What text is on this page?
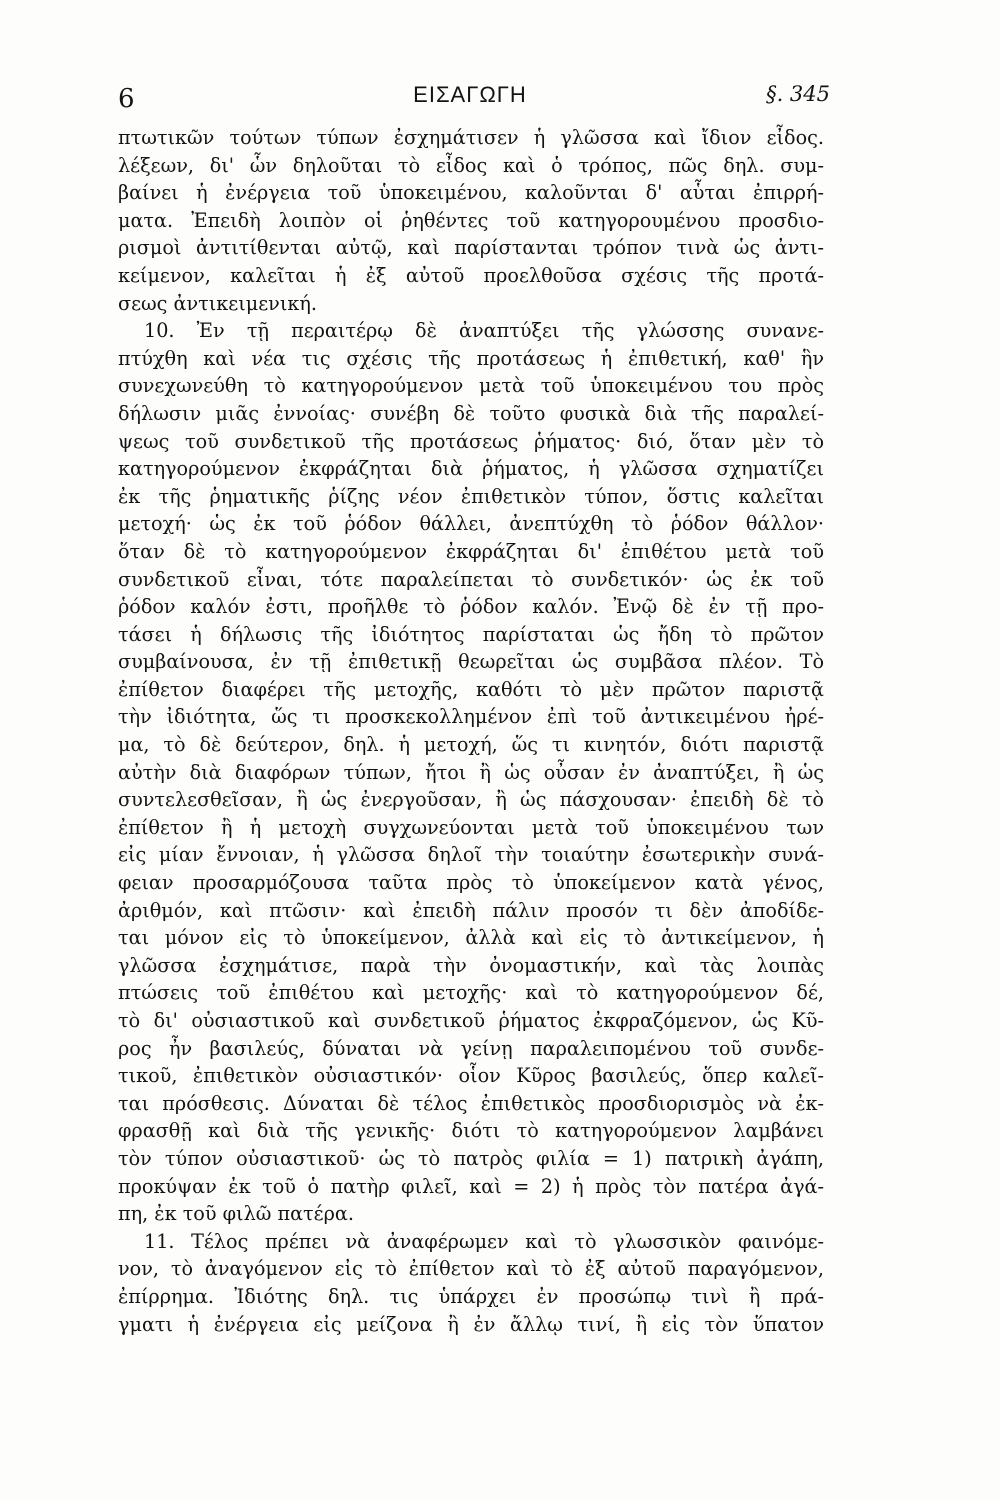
6	ΕΙΣΑΓΩΓΗ	§. 345
πτωτικῶν τούτων τύπων ἐσχημάτισεν ἡ γλῶσσα καὶ ἴδιον εἶδος.
λέξεων, δι' ὧν δηλοῦται τὸ εἶδος καὶ ὁ τρόπος, πῶς δηλ. συμ-
βαίνει ἡ ἐνέργεια τοῦ ὑποκειμένου, καλοῦνται δ' αὗται ἐπιρρή-
ματα. Ἐπειδὴ λοιπὸν οἱ ῥηθέντες τοῦ κατηγορουμένου προσδιο-
ρισμοὶ ἀντιτίθενται αὐτῷ, καὶ παρίστανται τρόπον τινὰ ὡς ἀντι-
κείμενον, καλεῖται ἡ ἐξ αὐτοῦ προελθοῦσα σχέσις τῆς προτά-
σεως ἀντικειμενική.
10. Ἐν τῇ περαιτέρῳ δὲ ἀναπτύξει τῆς γλώσσης συνανε-
πτύχθη καὶ νέα τις σχέσις τῆς προτάσεως ἡ ἐπιθετική, καθ' ἣν
συνεχωνεύθη τὸ κατηγορούμενον μετὰ τοῦ ὑποκειμένου του πρὸς
δήλωσιν μιᾶς ἐννοίας· συνέβη δὲ τοῦτο φυσικὰ διὰ τῆς παραλεί-
ψεως τοῦ συνδετικοῦ τῆς προτάσεως ῥήματος· διό, ὅταν μὲν τὸ
κατηγορούμενον ἐκφράζηται διὰ ῥήματος, ἡ γλῶσσα σχηματίζει
ἐκ τῆς ῥηματικῆς ῥίζης νέον ἐπιθετικὸν τύπον, ὅστις καλεῖται
μετοχή· ὡς ἐκ τοῦ ῥόδον θάλλει, ἀνεπτύχθη τὸ ῥόδον θάλλον·
ὅταν δὲ τὸ κατηγορούμενον ἐκφράζηται δι' ἐπιθέτου μετὰ τοῦ
συνδετικοῦ εἶναι, τότε παραλείπεται τὸ συνδετικόν· ὡς ἐκ τοῦ
ῥόδον καλόν ἐστι, προῆλθε τὸ ῥόδον καλόν. Ἐνῷ δὲ ἐν τῇ προ-
τάσει ἡ δήλωσις τῆς ἰδιότητος παρίσταται ὡς ἤδη τὸ πρῶτον
συμβαίνουσα, ἐν τῇ ἐπιθετικῇ θεωρεῖται ὡς συμβᾶσα πλέον. Τὸ
ἐπίθετον διαφέρει τῆς μετοχῆς, καθότι τὸ μὲν πρῶτον παριστᾷ
τὴν ἰδιότητα, ὥς τι προσκεκολλημένον ἐπὶ τοῦ ἀντικειμένου ἠρέ-
μα, τὸ δὲ δεύτερον, δηλ. ἡ μετοχή, ὥς τι κινητόν, διότι παριστᾷ
αὐτὴν διὰ διαφόρων τύπων, ἤτοι ἢ ὡς οὖσαν ἐν ἀναπτύξει, ἢ ὡς
συντελεσθεῖσαν, ἢ ὡς ἐνεργοῦσαν, ἢ ὡς πάσχουσαν· ἐπειδὴ δὲ τὸ
ἐπίθετον ἢ ἡ μετοχὴ συγχωνεύονται μετὰ τοῦ ὑποκειμένου των
εἰς μίαν ἔννοιαν, ἡ γλῶσσα δηλοῖ τὴν τοιαύτην ἐσωτερικὴν συνά-
φειαν προσαρμόζουσα ταῦτα πρὸς τὸ ὑποκείμενον κατὰ γένος,
ἀριθμόν, καὶ πτῶσιν· καὶ ἐπειδὴ πάλιν προσόν τι δὲν ἀποδίδε-
ται μόνον εἰς τὸ ὑποκείμενον, ἀλλὰ καὶ εἰς τὸ ἀντικείμενον, ἡ
γλῶσσα ἐσχημάτισε, παρὰ τὴν ὀνομαστικήν, καὶ τὰς λοιπὰς
πτώσεις τοῦ ἐπιθέτου καὶ μετοχῆς· καὶ τὸ κατηγορούμενον δέ,
τὸ δι' οὐσιαστικοῦ καὶ συνδετικοῦ ῥήματος ἐκφραζόμενον, ὡς Κῦ-
ρος ἦν βασιλεύς, δύναται νὰ γείνῃ παραλειπομένου τοῦ συνδε-
τικοῦ, ἐπιθετικὸν οὐσιαστικόν· οἷον Κῦρος βασιλεύς, ὅπερ καλεῖ-
ται πρόσθεσις. Δύναται δὲ τέλος ἐπιθετικὸς προσδιορισμὸς νὰ ἐκ-
φρασθῇ καὶ διὰ τῆς γενικῆς· διότι τὸ κατηγορούμενον λαμβάνει
τὸν τύπον οὐσιαστικοῦ· ὡς τὸ πατρὸς φιλία = 1) πατρικὴ ἀγάπη,
προκύψαν ἐκ τοῦ ὁ πατὴρ φιλεῖ, καὶ = 2) ἡ πρὸς τὸν πατέρα ἀγά-
πη, ἐκ τοῦ φιλῶ πατέρα.
11. Τέλος πρέπει νὰ ἀναφέρωμεν καὶ τὸ γλωσσικὸν φαινόμε-
νον, τὸ ἀναγόμενον εἰς τὸ ἐπίθετον καὶ τὸ ἐξ αὐτοῦ παραγόμενον,
ἐπίρρημα. Ἰδιότης δηλ. τις ὑπάρχει ἐν προσώπῳ τινὶ ἢ πρά-
γματι ἡ ἐνέργεια εἰς μείζονα ἢ ἐν ἄλλῳ τινί, ἢ εἰς τὸν ὕπατον
